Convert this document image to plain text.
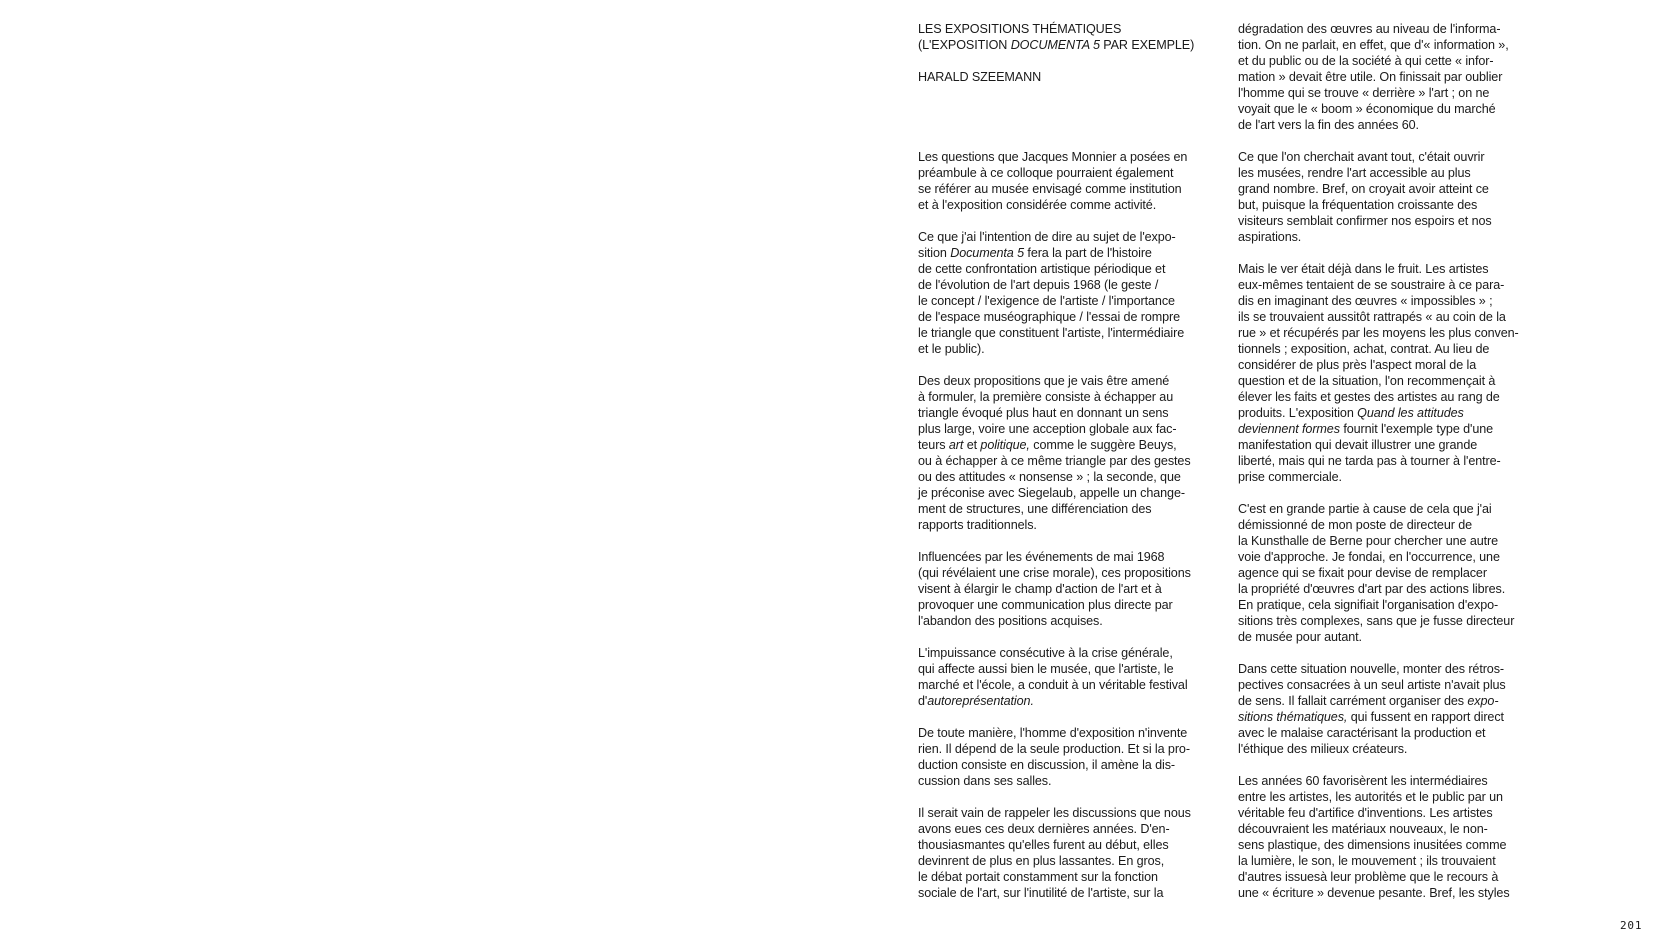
LES EXPOSITIONS THÉMATIQUES
(L'EXPOSITION DOCUMENTA 5 PAR EXEMPLE)
HARALD SZEEMANN
Les questions que Jacques Monnier a posées en
préambule à ce colloque pourraient également
se référer au musée envisagé comme institution
et à l'exposition considérée comme activité.
Ce que j'ai l'intention de dire au sujet de l'expo-
sition Documenta 5 fera la part de l'histoire
de cette confrontation artistique périodique et
de l'évolution de l'art depuis 1968 (le geste /
le concept / l'exigence de l'artiste / l'importance
de l'espace muséographique / l'essai de rompre
le triangle que constituent l'artiste, l'intermédiaire
et le public).
Des deux propositions que je vais être amené
à formuler, la première consiste à échapper au
triangle évoqué plus haut en donnant un sens
plus large, voire une acception globale aux fac-
teurs art et politique, comme le suggère Beuys,
ou à échapper à ce même triangle par des gestes
ou des attitudes « nonsense » ; la seconde, que
je préconise avec Siegelaub, appelle un change-
ment de structures, une différenciation des
rapports traditionnels.
Influencées par les événements de mai 1968
(qui révélaient une crise morale), ces propositions
visent à élargir le champ d'action de l'art et à
provoquer une communication plus directe par
l'abandon des positions acquises.
L'impuissance consécutive à la crise générale,
qui affecte aussi bien le musée, que l'artiste, le
marché et l'école, a conduit à un véritable festival
d'autoreprésentation.
De toute manière, l'homme d'exposition n'invente
rien. Il dépend de la seule production. Et si la pro-
duction consiste en discussion, il amène la dis-
cussion dans ses salles.
Il serait vain de rappeler les discussions que nous
avons eues ces deux dernières années. D'en-
thousiasmantes qu'elles furent au début, elles
devinrent de plus en plus lassantes. En gros,
le débat portait constamment sur la fonction
sociale de l'art, sur l'inutilité de l'artiste, sur la
dégradation des œuvres au niveau de l'informa-
tion. On ne parlait, en effet, que d'« information »,
et du public ou de la société à qui cette « infor-
mation » devait être utile. On finissait par oublier
l'homme qui se trouve « derrière » l'art ; on ne
voyait que le « boom » économique du marché
de l'art vers la fin des années 60.
Ce que l'on cherchait avant tout, c'était ouvrir
les musées, rendre l'art accessible au plus
grand nombre. Bref, on croyait avoir atteint ce
but, puisque la fréquentation croissante des
visiteurs semblait confirmer nos espoirs et nos
aspirations.
Mais le ver était déjà dans le fruit. Les artistes
eux-mêmes tentaient de se soustraire à ce para-
dis en imaginant des œuvres « impossibles » ;
ils se trouvaient aussitôt rattrapés « au coin de la
rue » et récupérés par les moyens les plus conven-
tionnels ; exposition, achat, contrat. Au lieu de
considérer de plus près l'aspect moral de la
question et de la situation, l'on recommençait à
élever les faits et gestes des artistes au rang de
produits. L'exposition Quand les attitudes
deviennent formes fournit l'exemple type d'une
manifestation qui devait illustrer une grande
liberté, mais qui ne tarda pas à tourner à l'entre-
prise commerciale.
C'est en grande partie à cause de cela que j'ai
démissionné de mon poste de directeur de
la Kunsthalle de Berne pour chercher une autre
voie d'approche. Je fondai, en l'occurrence, une
agence qui se fixait pour devise de remplacer
la propriété d'œuvres d'art par des actions libres.
En pratique, cela signifiait l'organisation d'expo-
sitions très complexes, sans que je fusse directeur
de musée pour autant.
Dans cette situation nouvelle, monter des rétros-
pectives consacrées à un seul artiste n'avait plus
de sens. Il fallait carrément organiser des expo-
sitions thématiques, qui fussent en rapport direct
avec le malaise caractérisant la production et
l'éthique des milieux créateurs.
Les années 60 favorisèrent les intermédiaires
entre les artistes, les autorités et le public par un
véritable feu d'artifice d'inventions. Les artistes
découvraient les matériaux nouveaux, le non-
sens plastique, des dimensions inusitées comme
la lumière, le son, le mouvement ; ils trouvaient
d'autres issuesà leur problème que le recours à
une « écriture » devenue pesante. Bref, les styles
201
